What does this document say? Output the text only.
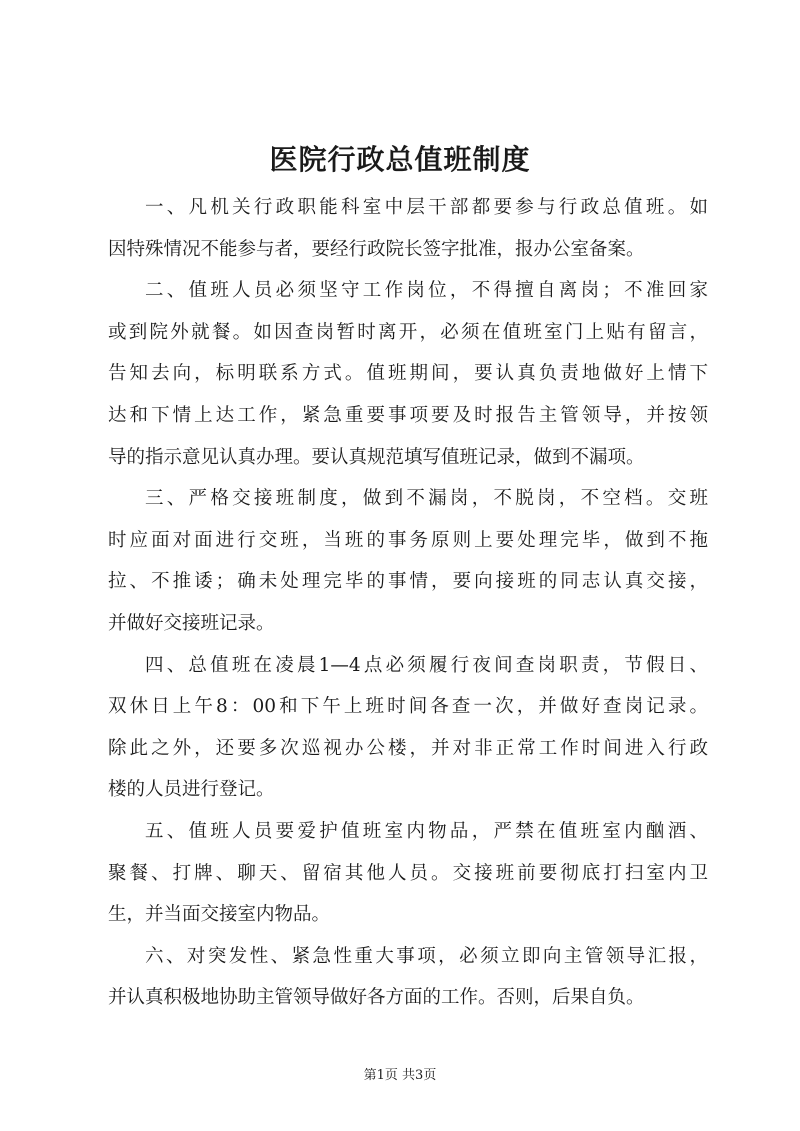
医院行政总值班制度
一、凡机关行政职能科室中层干部都要参与行政总值班。如
因特殊情况不能参与者，要经行政院长签字批准，报办公室备案。
二、值班人员必须坚守工作岗位，不得擅自离岗；不准回家
或到院外就餐。如因查岗暂时离开，必须在值班室门上贴有留言，
告知去向，标明联系方式。值班期间，要认真负责地做好上情下
达和下情上达工作，紧急重要事项要及时报告主管领导，并按领
导的指示意见认真办理。要认真规范填写值班记录，做到不漏项。
三、严格交接班制度，做到不漏岗，不脱岗，不空档。交班
时应面对面进行交班，当班的事务原则上要处理完毕，做到不拖
拉、不推诿；确未处理完毕的事情，要向接班的同志认真交接，
并做好交接班记录。
四、总值班在凌晨1—4点必须履行夜间查岗职责，节假日、
双休日上午8：00和下午上班时间各查一次，并做好查岗记录。
除此之外，还要多次巡视办公楼，并对非正常工作时间进入行政
楼的人员进行登记。
五、值班人员要爱护值班室内物品，严禁在值班室内酗酒、
聚餐、打牌、聊天、留宿其他人员。交接班前要彻底打扫室内卫
生，并当面交接室内物品。
六、对突发性、紧急性重大事项，必须立即向主管领导汇报，
并认真积极地协助主管领导做好各方面的工作。否则，后果自负。

第1页 共3页
